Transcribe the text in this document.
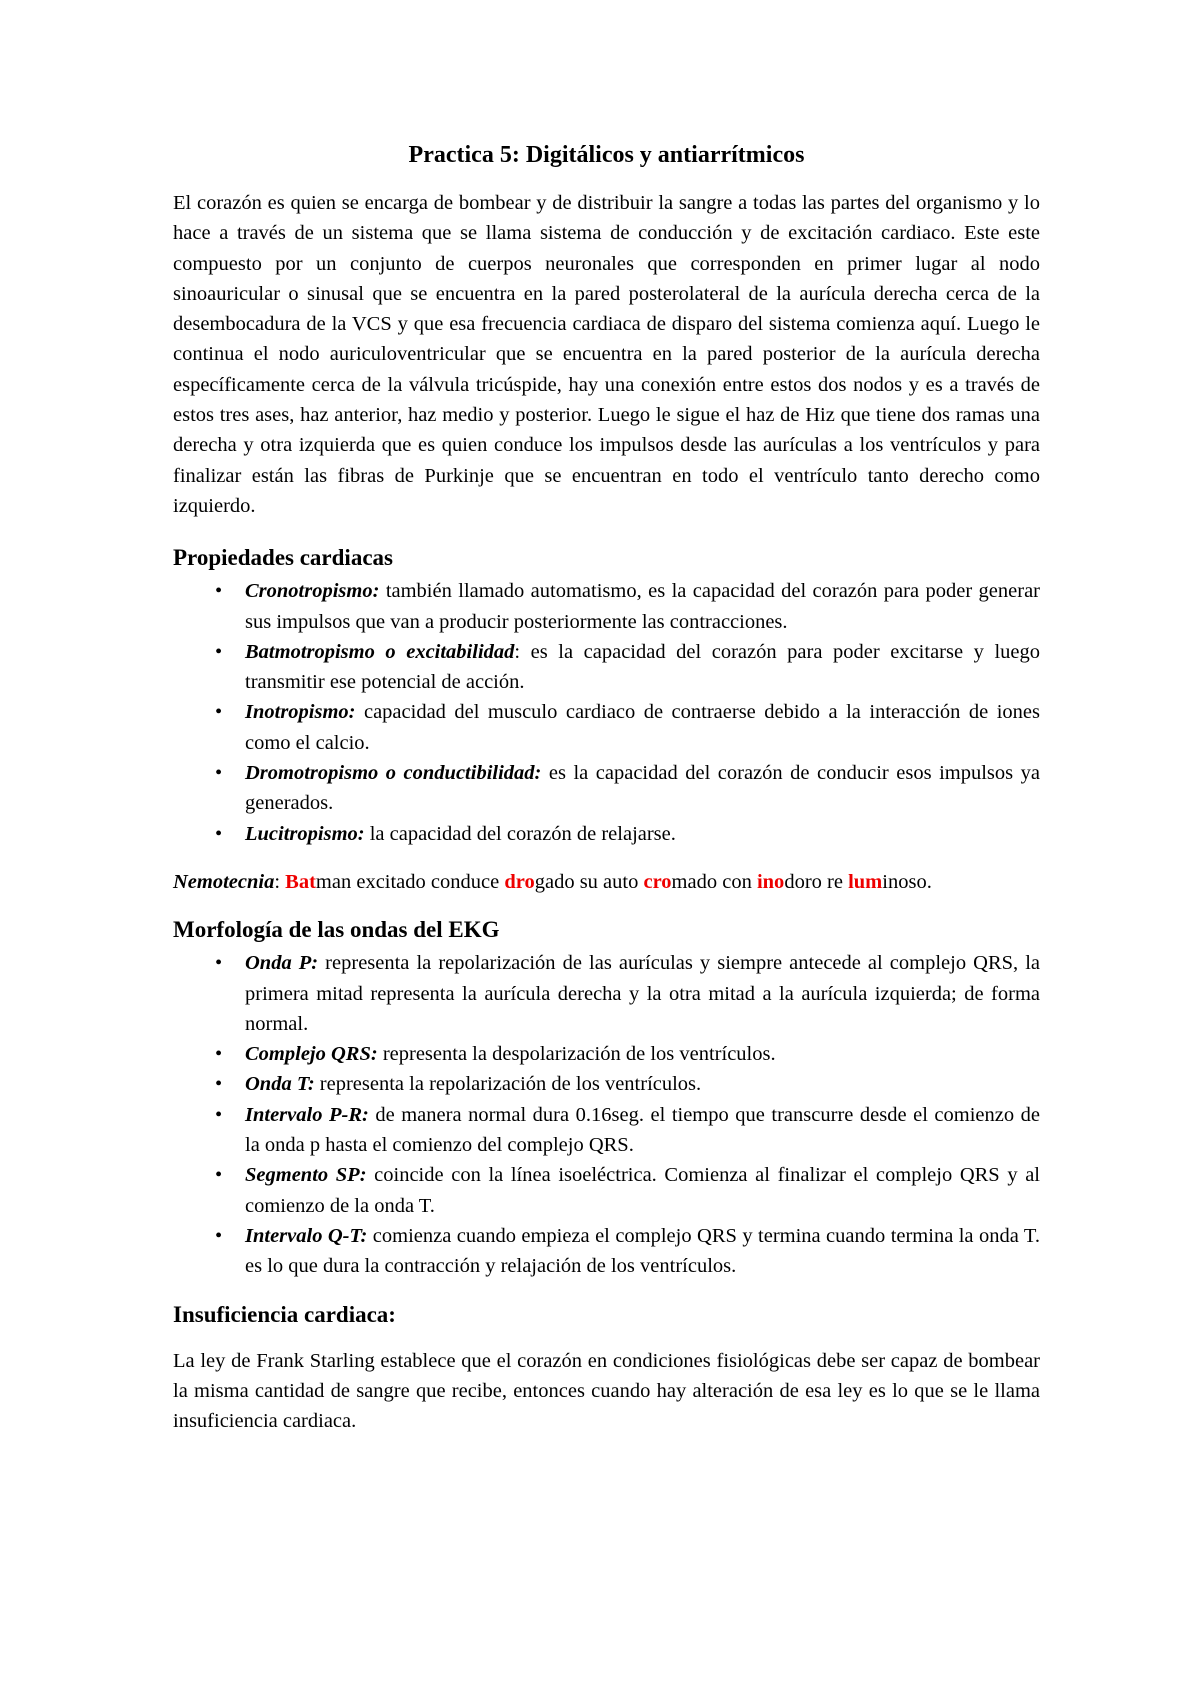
Practica 5: Digitálicos y antiarrítmicos

El corazón es quien se encarga de bombear y de distribuir la sangre a todas las partes del organismo y lo hace a través de un sistema que se llama sistema de conducción y de excitación cardiaco. Este este compuesto por un conjunto de cuerpos neuronales que corresponden en primer lugar al nodo sinoauricular o sinusal que se encuentra en la pared posterolateral de la aurícula derecha cerca de la desembocadura de la VCS y que esa frecuencia cardiaca de disparo del sistema comienza aquí. Luego le continua el nodo auriculoventricular que se encuentra en la pared posterior de la aurícula derecha específicamente cerca de la válvula tricúspide, hay una conexión entre estos dos nodos y es a través de estos tres ases, haz anterior, haz medio y posterior. Luego le sigue el haz de Hiz que tiene dos ramas una derecha y otra izquierda que es quien conduce los impulsos desde las aurículas a los ventrículos y para finalizar están las fibras de Purkinje que se encuentran en todo el ventrículo tanto derecho como izquierdo.

Propiedades cardiacas
• Cronotropismo: también llamado automatismo, es la capacidad del corazón para poder generar sus impulsos que van a producir posteriormente las contracciones.
• Batmotropismo o excitabilidad: es la capacidad del corazón para poder excitarse y luego transmitir ese potencial de acción.
• Inotropismo: capacidad del musculo cardiaco de contraerse debido a la interacción de iones como el calcio.
• Dromotropismo o conductibilidad: es la capacidad del corazón de conducir esos impulsos ya generados.
• Lucitropismo: la capacidad del corazón de relajarse.

Nemotecnia: Batman excitado conduce drogado su auto cromado con inodoro re luminoso.

Morfología de las ondas del EKG
• Onda P: representa la repolarización de las aurículas y siempre antecede al complejo QRS, la primera mitad representa la aurícula derecha y la otra mitad a la aurícula izquierda; de forma normal.
• Complejo QRS: representa la despolarización de los ventrículos.
• Onda T: representa la repolarización de los ventrículos.
• Intervalo P-R: de manera normal dura 0.16seg. el tiempo que transcurre desde el comienzo de la onda p hasta el comienzo del complejo QRS.
• Segmento SP: coincide con la línea isoeléctrica. Comienza al finalizar el complejo QRS y al comienzo de la onda T.
• Intervalo Q-T: comienza cuando empieza el complejo QRS y termina cuando termina la onda T. es lo que dura la contracción y relajación de los ventrículos.
Insuficiencia cardiaca:

La ley de Frank Starling establece que el corazón en condiciones fisiológicas debe ser capaz de bombear la misma cantidad de sangre que recibe, entonces cuando hay alteración de esa ley es lo que se le llama insuficiencia cardiaca.
